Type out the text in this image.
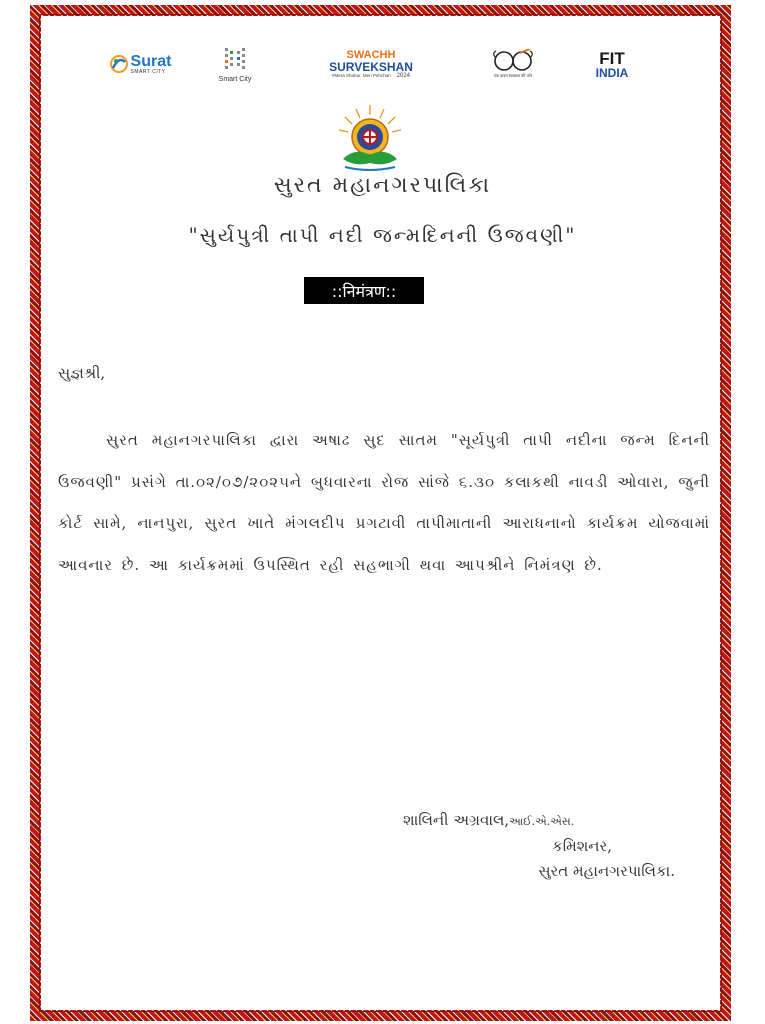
Surat
SMART CITY
Smart City
SWACHH
SURVEKSHAN
#Mera Shahar, Meri Pehchan 2024	एक कदम स्वच्छता की ओर
FIT
INDIA
સુરત મહાનગરપાલિકા
"સુર્યપુત્રી તાપી નદી જન્મદિનની ઉજવણી"
::निमंत्रण::
સુજ્ઞશ્રી,

સુરત મહાનગરપાલિકા દ્વારા અષાઢ સુદ સાતમ "સૂર્યપુત્રી તાપી નદીના જન્મ દિનની ઉજવણી" પ્રસંગે તા.૦૨/૦૭/૨૦૨૫ને બુધવારના રોજ સાંજે ૬.૩૦ કલાકથી નાવડી ઓવારા, જુની કોર્ટ સામે, નાનપુરા, સુરત ખાતે મંગલદીપ પ્રગટાવી તાપીમાતાની આરાધનાનો કાર્યક્રમ યોજવામાં આવનાર છે. આ કાર્યક્રમમાં ઉપસ્થિત રહી સહભાગી થવા આપશ્રીને નિમંત્રણ છે.

શાલિની અગ્રવાલ,આઈ.એ.એસ.
કમિશનર,
સુરત મહાનગરપાલિકા.
